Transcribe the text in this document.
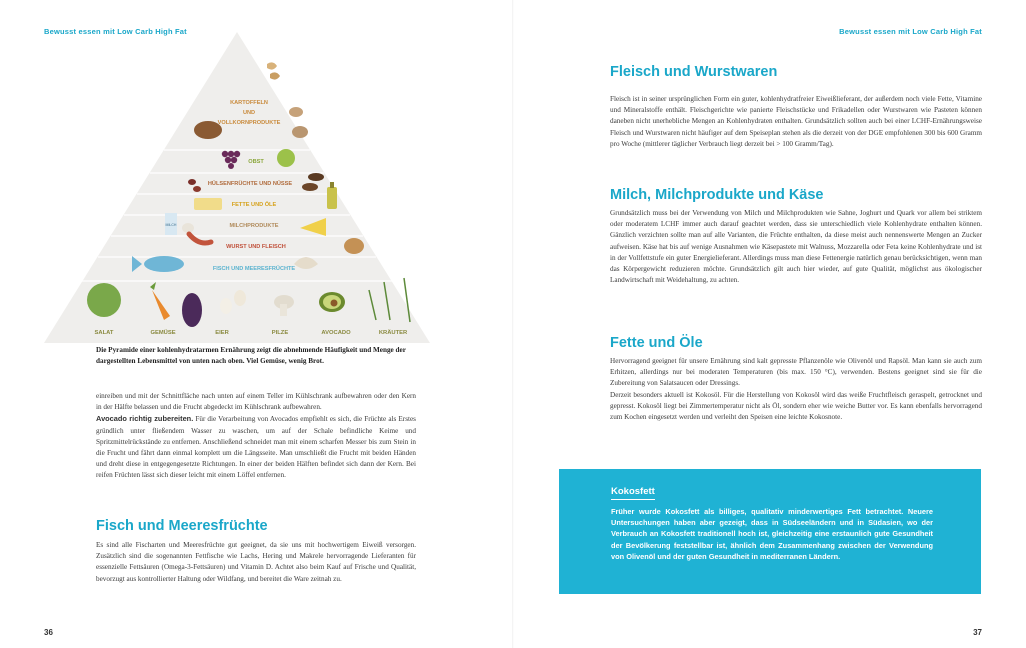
Bewusst essen mit Low Carb High Fat	Bewusst essen mit Low Carb High Fat
KARTOFFELN
UND
VOLLKORNPRODUKTE
OBST
HÜLSENFRÜCHTE UND NÜSSE
FETTE UND ÖLE
MILCHPRODUKTE
WURST UND FLEISCH
FISCH UND MEERESFRÜCHTE
MILCH
SALAT	GEMÜSE	EIER	PILZE	AVOCADO	KRÄUTER
Die Pyramide einer kohlenhydratarmen Ernährung zeigt die abnehmende Häufigkeit und Menge der dargestellten Lebensmittel von unten nach oben. Viel Gemüse, wenig Brot.

einreiben und mit der Schnittfläche nach unten auf einem Teller im Kühlschrank aufbewahren oder den Kern in der Hälfte belassen und die Frucht abgedeckt im Kühlschrank aufbewahren.

Avocado richtig zubereiten. Für die Verarbeitung von Avocados empfiehlt es sich, die Früchte als Erstes gründlich unter fließendem Wasser zu waschen, um auf der Schale befindliche Keime und Spritzmittelrückstände zu entfernen. Anschließend schneidet man mit einem scharfen Messer bis zum Stein in die Frucht und fährt dann einmal komplett um die Längsseite. Man umschließt die Frucht mit beiden Händen und dreht diese in entgegengesetzte Richtungen. In einer der beiden Hälften befindet sich dann der Kern. Bei reifen Früchten lässt sich dieser leicht mit einem Löffel entfernen.

Fisch und Meeresfrüchte

Es sind alle Fischarten und Meeresfrüchte gut geeignet, da sie uns mit hochwertigem Eiweiß versorgen. Zusätzlich sind die sogenannten Fettfische wie Lachs, Hering und Makrele hervorragende Lieferanten für essenzielle Fettsäuren (Omega-3-Fettsäuren) und Vitamin D. Achtet also beim Kauf auf Frische und Qualität, bevorzugt aus kontrollierter Haltung oder Wildfang, und bereitet die Ware zeitnah zu.

Fleisch und Wurstwaren

Fleisch ist in seiner ursprünglichen Form ein guter, kohlenhydratfreier Eiweißlieferant, der außerdem noch viele Fette, Vitamine und Mineralstoffe enthält. Fleischgerichte wie panierte Fleischstücke und Frikadellen oder Wurstwaren wie Pasteten können daneben nicht unerhebliche Mengen an Kohlenhydraten enthalten. Grundsätzlich sollten auch bei einer LCHF-Ernährungsweise Fleisch und Wurstwaren nicht häufiger auf dem Speiseplan stehen als die derzeit von der DGE empfohlenen 300 bis 600 Gramm pro Woche (mittlerer täglicher Verbrauch liegt derzeit bei > 100 Gramm/Tag).

Milch, Milchprodukte und Käse

Grundsätzlich muss bei der Verwendung von Milch und Milchprodukten wie Sahne, Joghurt und Quark vor allem bei striktem oder moderatem LCHF immer auch darauf geachtet werden, dass sie unterschiedlich viele Kohlenhydrate enthalten können. Gänzlich verzichten sollte man auf alle Varianten, die Früchte enthalten, da diese meist auch nennenswerte Mengen an Zucker aufweisen. Käse hat bis auf wenige Ausnahmen wie Käsepastete mit Walnuss, Mozzarella oder Feta keine Kohlenhydrate und ist in der Vollfettstufe ein guter Energielieferant. Allerdings muss man diese Fettenergie natürlich genau berücksichtigen, wenn man das Körpergewicht reduzieren möchte. Grundsätzlich gilt auch hier wieder, auf gute Qualität, möglichst aus ökologischer Landwirtschaft mit Weidehaltung, zu achten.

Fette und Öle

Hervorragend geeignet für unsere Ernährung sind kalt gepresste Pflanzenöle wie Olivenöl und Rapsöl. Man kann sie auch zum Erhitzen, allerdings nur bei moderaten Temperaturen (bis max. 150 °C), verwenden. Bestens geeignet sind sie für die Zubereitung von Salatsaucen oder Dressings.

Derzeit besonders aktuell ist Kokosöl. Für die Herstellung von Kokosöl wird das weiße Fruchtfleisch geraspelt, getrocknet und gepresst. Kokosöl liegt bei Zimmertemperatur nicht als Öl, sondern eher wie weiche Butter vor. Es kann ebenfalls hervorragend zum Kochen eingesetzt werden und verleiht den Speisen eine leichte Kokosnote.

Kokosfett
Früher wurde Kokosfett als billiges, qualitativ minderwertiges Fett betrachtet. Neuere Untersuchungen haben aber gezeigt, dass in Südseeländern und in Südasien, wo der Verbrauch an Kokosfett traditionell hoch ist, gleichzeitig eine erstaunlich gute Gesundheit der Bevölkerung feststellbar ist, ähnlich dem Zusammenhang zwischen der Verwendung von Olivenöl und der guten Gesundheit in mediterranen Ländern.
36	37
